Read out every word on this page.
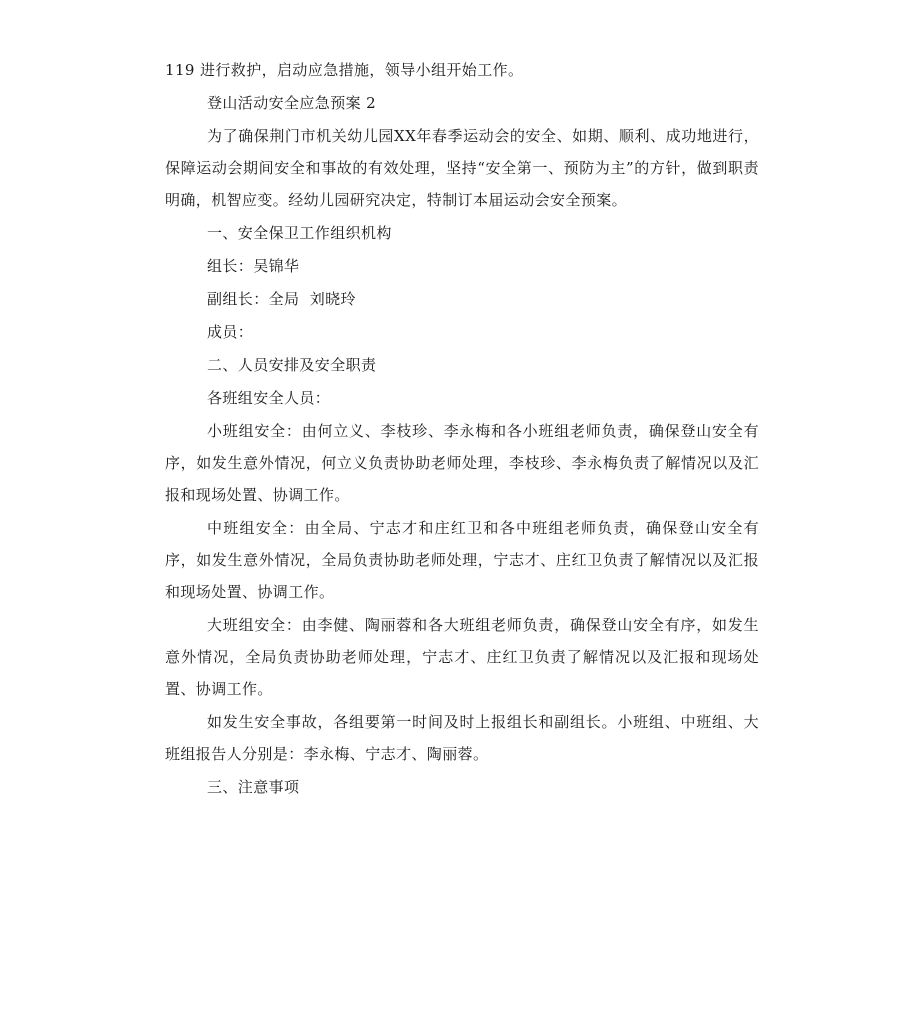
119 进行救护，启动应急措施，领导小组开始工作。

登山活动安全应急预案 2

为了确保荆门市机关幼儿园XX年春季运动会的安全、如期、顺利、成功地进行，保障运动会期间安全和事故的有效处理，坚持“安全第一、预防为主”的方针，做到职责明确，机智应变。经幼儿园研究决定，特制订本届运动会安全预案。

一、安全保卫工作组织机构

组长：吴锦华

副组长：全局  刘晓玲

成员：

二、人员安排及安全职责

各班组安全人员：

小班组安全：由何立义、李枝珍、李永梅和各小班组老师负责，确保登山安全有序，如发生意外情况，何立义负责协助老师处理，李枝珍、李永梅负责了解情况以及汇报和现场处置、协调工作。

中班组安全：由全局、宁志才和庄红卫和各中班组老师负责，确保登山安全有序，如发生意外情况，全局负责协助老师处理，宁志才、庄红卫负责了解情况以及汇报和现场处置、协调工作。

大班组安全：由李健、陶丽蓉和各大班组老师负责，确保登山安全有序，如发生意外情况，全局负责协助老师处理，宁志才、庄红卫负责了解情况以及汇报和现场处置、协调工作。

如发生安全事故，各组要第一时间及时上报组长和副组长。小班组、中班组、大班组报告人分别是：李永梅、宁志才、陶丽蓉。

三、注意事项
